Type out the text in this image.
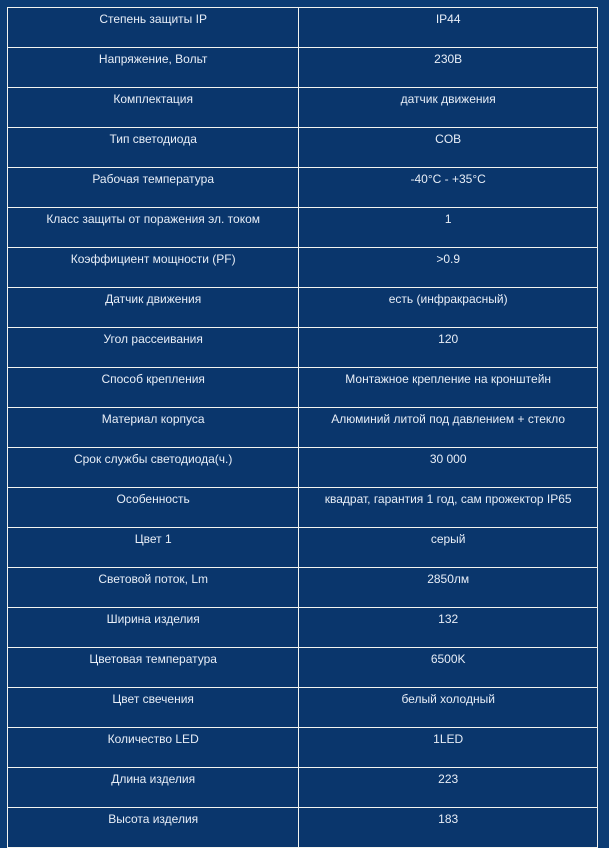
Степень защиты IP	IP44
Напряжение, Вольт	230В
Комплектация	датчик движения
Тип светодиода	COB
Рабочая температура	-40°C - +35°C
Класс защиты от поражения эл. током	1
Коэффициент мощности (PF)	>0.9
Датчик движения	есть (инфракрасный)
Угол рассеивания	120
Способ крепления	Монтажное крепление на кронштейн
Материал корпуса	Алюминий литой под давлением + стекло
Срок службы светодиода(ч.)	30 000
Особенность	квадрат, гарантия 1 год, сам прожектор IP65
Цвет 1	серый
Световой поток, Lm	2850лм
Ширина изделия	132
Цветовая температура	6500K
Цвет свечения	белый холодный
Количество LED	1LED
Длина изделия	223
Высота изделия	183
